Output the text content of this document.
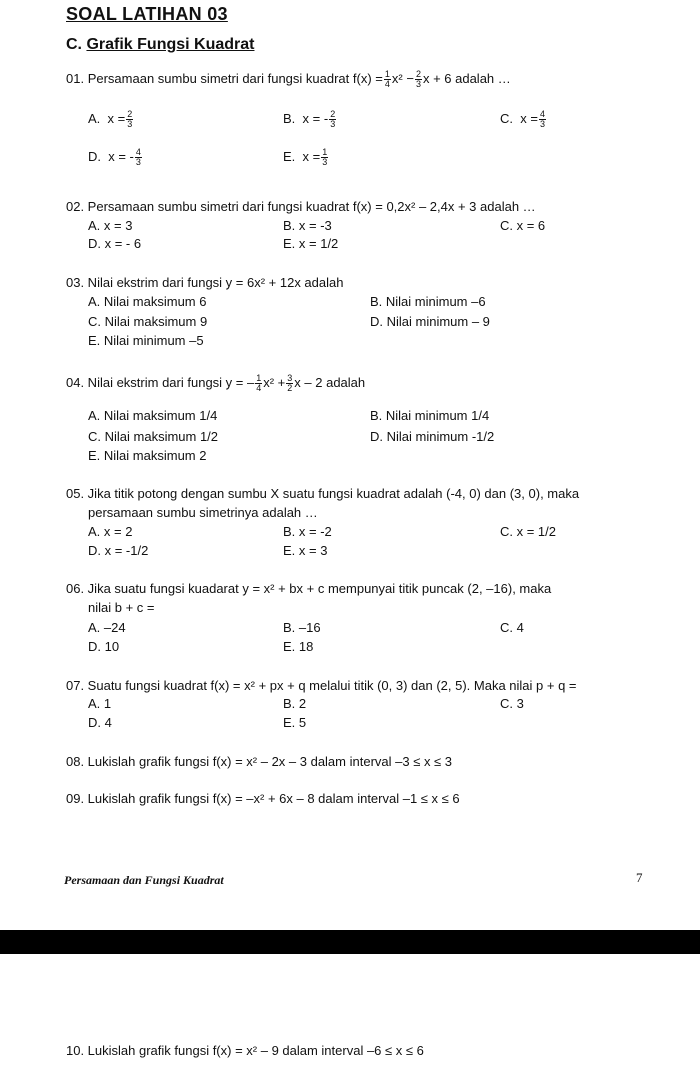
SOAL LATIHAN 03
C. Grafik Fungsi Kuadrat
01. Persamaan sumbu simetri dari fungsi kuadrat $f(x) = \frac{1}{4} x^2 - \frac{2}{3}$ x + 6 adalah …
A. $x = \frac{2}{3}$	B. x = - $\frac{2}{3}$	C. $x = \frac{4}{3}$
D. x = - $\frac{4}{3}$	E. $x = \frac{1}{3}$
02. Persamaan sumbu simetri dari fungsi kuadrat f(x) = 0,2x² – 2,4x + 3 adalah …
A. x = 3	B. x = -3	C. x = 6
D. x = - 6	E. x = 1/2
03. Nilai ekstrim dari fungsi y = 6x² + 12x adalah
A. Nilai maksimum 6	B. Nilai minimum –6
C. Nilai maksimum 9	D. Nilai minimum – 9
E. Nilai minimum –5
04. Nilai ekstrim dari fungsi y = – $\frac{1}{4} x^2 + \frac{3}{2}$ x – 2 adalah
A. Nilai maksimum 1/4	B. Nilai minimum 1/4
C. Nilai maksimum 1/2	D. Nilai minimum -1/2
E. Nilai maksimum 2
05. Jika titik potong dengan sumbu X suatu fungsi kuadrat adalah (-4, 0) dan (3, 0), maka
persamaan sumbu simetrinya adalah …
A. x = 2	B. x = -2	C. x = 1/2
D. x = -1/2	E. x = 3
06. Jika suatu fungsi kuadarat y = x² + bx + c mempunyai titik puncak (2, –16), maka
nilai b + c =
A. –24	B. –16	C. 4
D. 10	E. 18
07. Suatu fungsi kuadrat f(x) = x² + px + q melalui titik (0, 3) dan (2, 5). Maka nilai p + q =
A. 1	B. 2	C. 3
D. 4	E. 5
08. Lukislah grafik fungsi f(x) = x² – 2x – 3 dalam interval –3 ≤ x ≤ 3
09. Lukislah grafik fungsi f(x) = –x² + 6x – 8 dalam interval –1 ≤ x ≤ 6
Persamaan dan Fungsi Kuadrat	7
10. Lukislah grafik fungsi f(x) = x² – 9 dalam interval –6 ≤ x ≤ 6
